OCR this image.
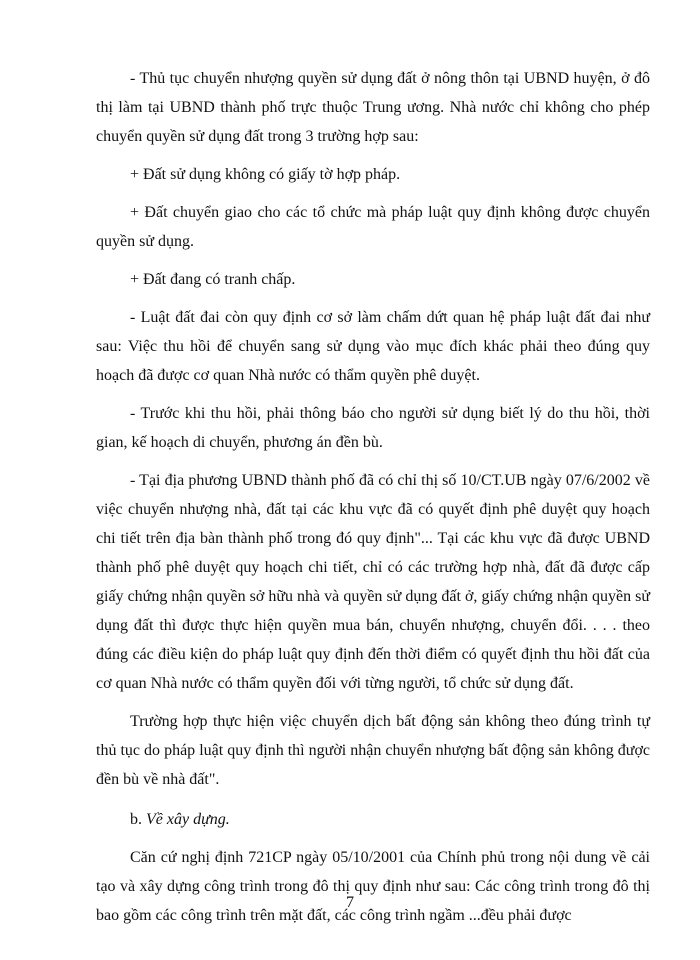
- Thủ tục chuyển nhượng quyền sử dụng đất ở nông thôn tại UBND huyện, ở đô thị làm tại UBND thành phố trực thuộc Trung ương. Nhà nước chỉ không cho phép chuyển quyền sử dụng đất trong 3 trường hợp sau:

+ Đất sử dụng không có giấy tờ hợp pháp.

+ Đất chuyển giao cho các tổ chức mà pháp luật quy định không được chuyển quyền sử dụng.

+ Đất đang có tranh chấp.

- Luật đất đai còn quy định cơ sở làm chấm dứt quan hệ pháp luật đất đai như sau: Việc thu hồi để chuyển sang sử dụng vào mục đích khác phải theo đúng quy hoạch đã được cơ quan Nhà nước có thẩm quyền phê duyệt.

- Trước khi thu hồi, phải thông báo cho người sử dụng biết lý do thu hồi, thời gian, kế hoạch di chuyển, phương án đền bù.

- Tại địa phương UBND thành phố đã có chỉ thị số 10/CT.UB ngày 07/6/2002 về việc chuyển nhượng nhà, đất tại các khu vực đã có quyết định phê duyệt quy hoạch chi tiết trên địa bàn thành phố trong đó quy định"... Tại các khu vực đã được UBND thành phố phê duyệt quy hoạch chi tiết, chỉ có các trường hợp nhà, đất đã được cấp giấy chứng nhận quyền sở hữu nhà và quyền sử dụng đất ở, giấy chứng nhận quyền sử dụng đất thì được thực hiện quyền mua bán, chuyển nhượng, chuyển đổi. . . . theo đúng các điều kiện do pháp luật quy định đến thời điểm có quyết định thu hồi đất của cơ quan Nhà nước có thẩm quyền đối với từng người, tổ chức sử dụng đất.

Trường hợp thực hiện việc chuyển dịch bất động sản không theo đúng trình tự thủ tục do pháp luật quy định thì người nhận chuyển nhượng bất động sản không được đền bù về nhà đất".

b. Về xây dựng.

Căn cứ nghị định 721CP ngày 05/10/2001 của Chính phủ trong nội dung về cải tạo và xây dựng công trình trong đô thị quy định như sau: Các công trình trong đô thị bao gồm các công trình trên mặt đất, các công trình ngầm ...đều phải được

7
